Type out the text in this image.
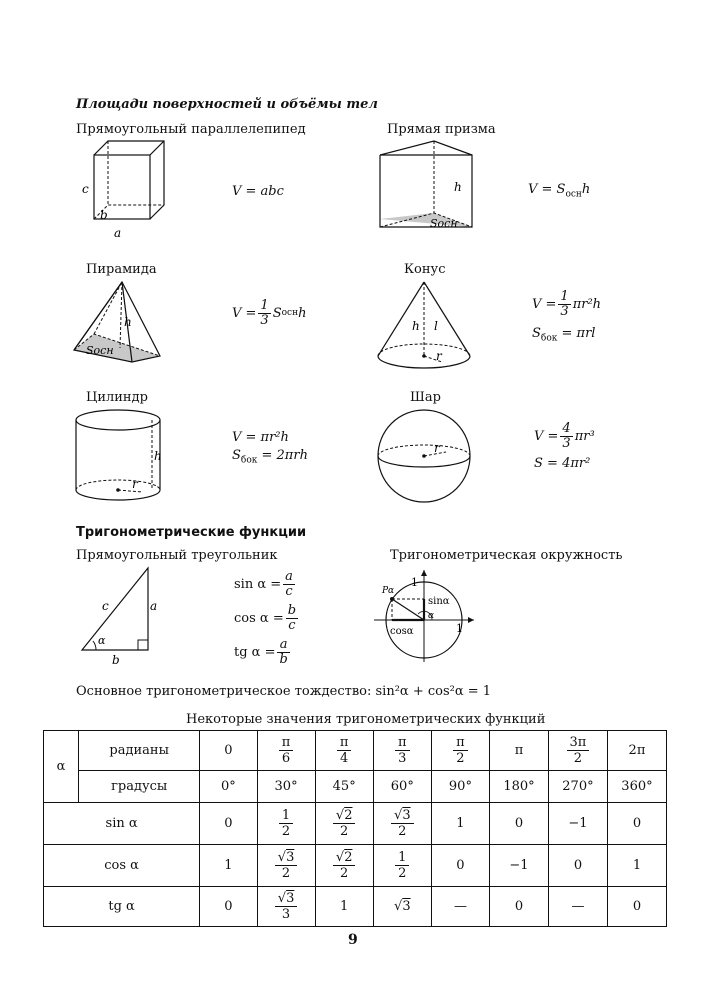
Площади поверхностей и объёмы тел
Прямоугольный параллелепипед
c
b
a
V = abc
Прямая призма
h
Sосн
$V = S_{осн}h$
Пирамида
h
Sосн
$V = \frac{1}{3}$ S осн h
Конус
h l
r
$V = \frac{1}{3} \pi r^2h$
$S_{бок} = \pi rl$
Цилиндр
h
r
V = πr²h
$S_{бок} = 2\pi rh$
Шар
r
$V = \frac{4}{3} \pi r^3$
S = 4πr²
Тригонометрические функции
Прямоугольный треугольник
α
c	a
b
$\sin \alpha = \frac{a}{c}$
$\cos \alpha = \frac{b}{c}$
tg $\alpha = \frac{a}{b}$
Тригонометрическая окружность
1
1
Pα
sinα
cosα
α
Основное тригонометрическое тождество: sin²α + cos²α = 1
Некоторые значения тригонометрических функций
α	радианы	0	$\frac{\pi}{6}$	$\frac{\pi}{4}$	$\frac{\pi}{3}$	$\frac{\pi}{2}$	π	$\frac{3\pi}{2}$	2π
	градусы	0°	30°	45°	60°	90°	180°	270°	360°
sin α		0	$\frac{1}{2}$	$\frac{√2}{2}$	$\frac{√3}{2}$	1	0	−1	0
cos α		1	$\frac{√3}{2}$	$\frac{√2}{2}$	$\frac{1}{2}$	0	−1	0	1
tg α		0	$\frac{√3}{3}$	1	√3	—	0	—	0
9
